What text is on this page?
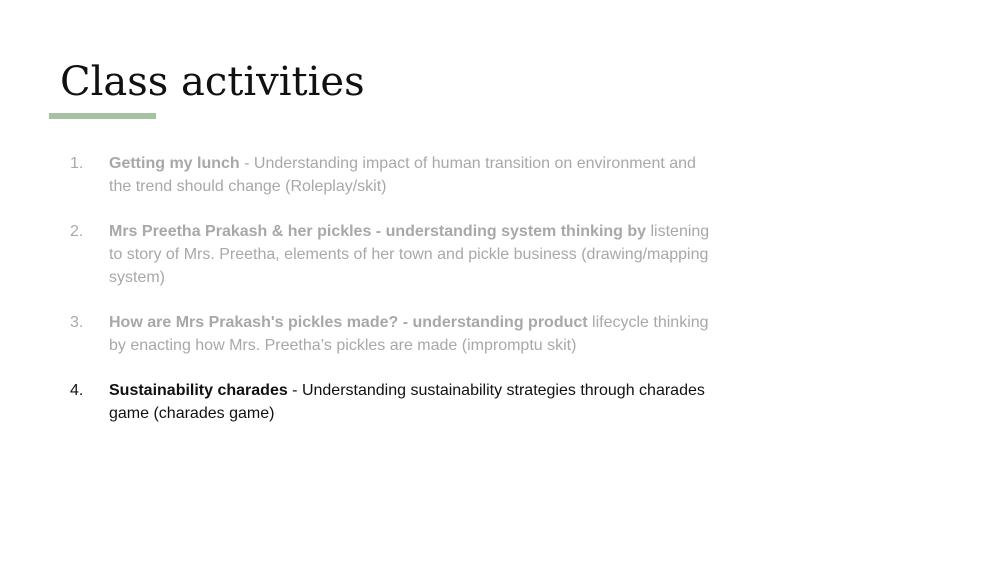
Class activities
1.	Getting my lunch - Understanding impact of human transition on environment and the trend should change (Roleplay/skit)
2.	Mrs Preetha Prakash & her pickles - understanding system thinking by listening to story of Mrs. Preetha, elements of her town and pickle business (drawing/mapping system)
3.	How are Mrs Prakash's pickles made? - understanding product lifecycle thinking by enacting how Mrs. Preetha’s pickles are made (impromptu skit)
4.	Sustainability charades - Understanding sustainability strategies through charades game (charades game)
